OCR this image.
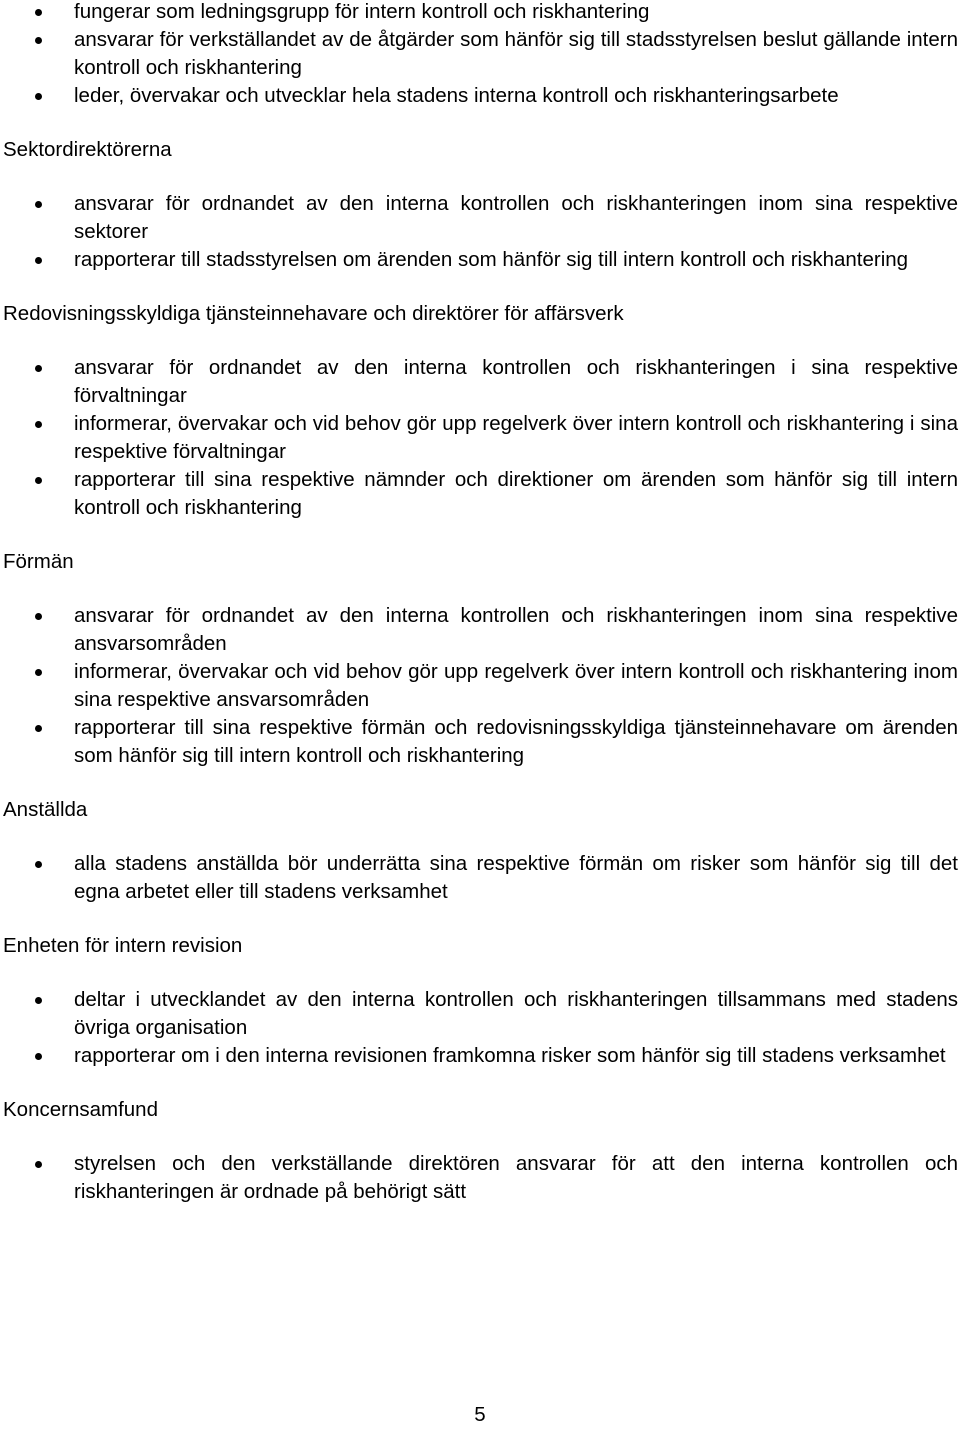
fungerar som ledningsgrupp för intern kontroll och riskhantering
ansvarar för verkställandet av de åtgärder som hänför sig till stadsstyrelsen beslut gällande intern kontroll och riskhantering
leder, övervakar och utvecklar hela stadens interna kontroll och riskhanteringsarbete
Sektordirektörerna
ansvarar för ordnandet av den interna kontrollen och riskhanteringen inom sina respektive sektorer
rapporterar till stadsstyrelsen om ärenden som hänför sig till intern kontroll och riskhantering
Redovisningsskyldiga tjänsteinnehavare och direktörer för affärsverk
ansvarar för ordnandet av den interna kontrollen och riskhanteringen i sina respektive förvaltningar
informerar, övervakar och vid behov gör upp regelverk över intern kontroll och riskhantering i sina respektive förvaltningar
rapporterar till sina respektive nämnder och direktioner om ärenden som hänför sig till intern kontroll och riskhantering
Förmän
ansvarar för ordnandet av den interna kontrollen och riskhanteringen inom sina respektive ansvarsområden
informerar, övervakar och vid behov gör upp regelverk över intern kontroll och riskhantering inom sina respektive ansvarsområden
rapporterar till sina respektive förmän och redovisningsskyldiga tjänsteinnehavare om ärenden som hänför sig till intern kontroll och riskhantering
Anställda
alla stadens anställda bör underrätta sina respektive förmän om risker som hänför sig till det egna arbetet eller till stadens verksamhet
Enheten för intern revision
deltar i utvecklandet av den interna kontrollen och riskhanteringen tillsammans med stadens övriga organisation
rapporterar om i den interna revisionen framkomna risker som hänför sig till stadens verksamhet
Koncernsamfund
styrelsen och den verkställande direktören ansvarar för att den interna kontrollen och riskhanteringen är ordnade på behörigt sätt
5
